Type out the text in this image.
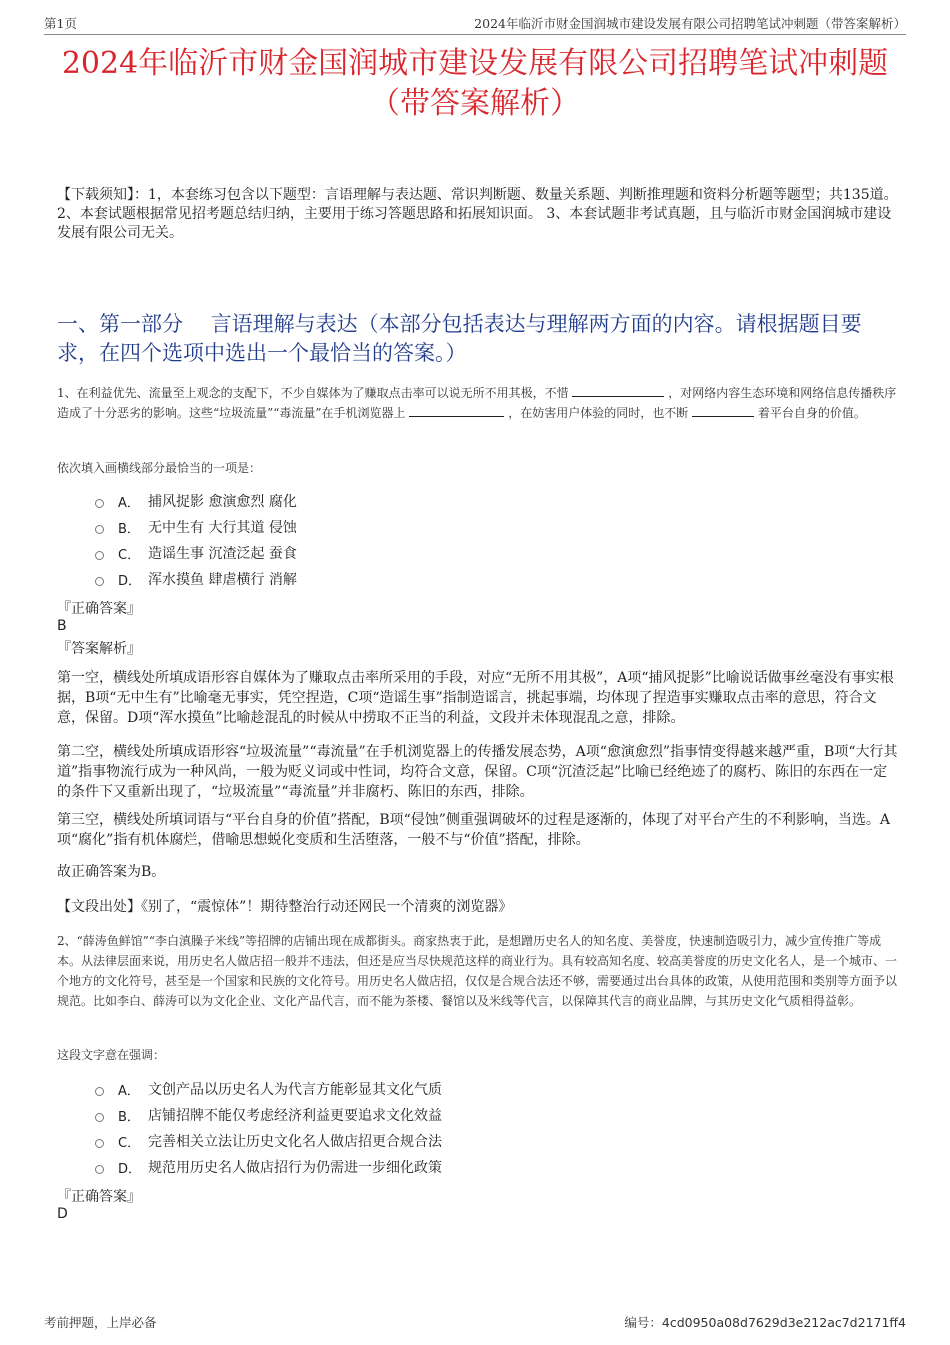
第1页	2024年临沂市财金国润城市建设发展有限公司招聘笔试冲刺题（带答案解析）
2024年临沂市财金国润城市建设发展有限公司招聘笔试冲刺题
（带答案解析）
【下载须知】：1，本套练习包含以下题型：言语理解与表达题、常识判断题、数量关系题、判断推理题和资料分析题等题型；共135道。 2、本套试题根据常见招考题总结归纳，主要用于练习答题思路和拓展知识面。 3、本套试题非考试真题，且与临沂市财金国润城市建设发展有限公司无关。
一、第一部分　 言语理解与表达（本部分包括表达与理解两方面的内容。请根据题目要求，在四个选项中选出一个最恰当的答案。）
1、在利益优先、流量至上观念的支配下，不少自媒体为了赚取点击率可以说无所不用其极，不惜	，对网络内容生态环境和网络信息传播秩序造成了十分恶劣的影响。这些“垃圾流量”“毒流量”在手机浏览器上	，在妨害用户体验的同时，也不断	着平台自身的价值。
依次填入画横线部分最恰当的一项是：
A． 捕风捉影 愈演愈烈 腐化
B． 无中生有 大行其道 侵蚀
C． 造谣生事 沉渣泛起 蚕食
D． 浑水摸鱼 肆虐横行 消解
『正确答案』
B
『答案解析』
第一空，横线处所填成语形容自媒体为了赚取点击率所采用的手段，对应“无所不用其极”，A项“捕风捉影”比喻说话做事丝毫没有事实根据，B项“无中生有”比喻毫无事实，凭空捏造，C项“造谣生事”指制造谣言，挑起事端，均体现了捏造事实赚取点击率的意思，符合文意，保留。D项“浑水摸鱼”比喻趁混乱的时候从中捞取不正当的利益，文段并未体现混乱之意，排除。
第二空，横线处所填成语形容“垃圾流量”“毒流量”在手机浏览器上的传播发展态势，A项“愈演愈烈”指事情变得越来越严重，B项“大行其道”指事物流行成为一种风尚，一般为贬义词或中性词，均符合文意，保留。C项“沉渣泛起”比喻已经绝迹了的腐朽、陈旧的东西在一定的条件下又重新出现了，“垃圾流量”“毒流量”并非腐朽、陈旧的东西，排除。
第三空，横线处所填词语与“平台自身的价值”搭配，B项“侵蚀”侧重强调破坏的过程是逐渐的，体现了对平台产生的不利影响，当选。A项“腐化”指有机体腐烂，借喻思想蜕化变质和生活堕落，一般不与“价值”搭配，排除。
故正确答案为B。
【文段出处】《别了，“震惊体”！期待整治行动还网民一个清爽的浏览器》
2、“薛涛鱼鲜馆”“李白滇臊子米线”等招牌的店铺出现在成都街头。商家热衷于此，是想蹭历史名人的知名度、美誉度，快速制造吸引力，减少宣传推广等成本。从法律层面来说，用历史名人做店招一般并不违法，但还是应当尽快规范这样的商业行为。具有较高知名度、较高美誉度的历史文化名人，是一个城市、一个地方的文化符号，甚至是一个国家和民族的文化符号。用历史名人做店招，仅仅是合规合法还不够，需要通过出台具体的政策，从使用范围和类别等方面予以规范。比如李白、薛涛可以为文化企业、文化产品代言，而不能为茶楼、餐馆以及米线等代言，以保障其代言的商业品牌，与其历史文化气质相得益彰。
这段文字意在强调：
A． 文创产品以历史名人为代言方能彰显其文化气质
B． 店铺招牌不能仅考虑经济利益更要追求文化效益
C． 完善相关立法让历史文化名人做店招更合规合法
D． 规范用历史名人做店招行为仍需进一步细化政策
『正确答案』
D
考前押题，上岸必备	编号：4cd0950a08d7629d3e212ac7d2171ff4
